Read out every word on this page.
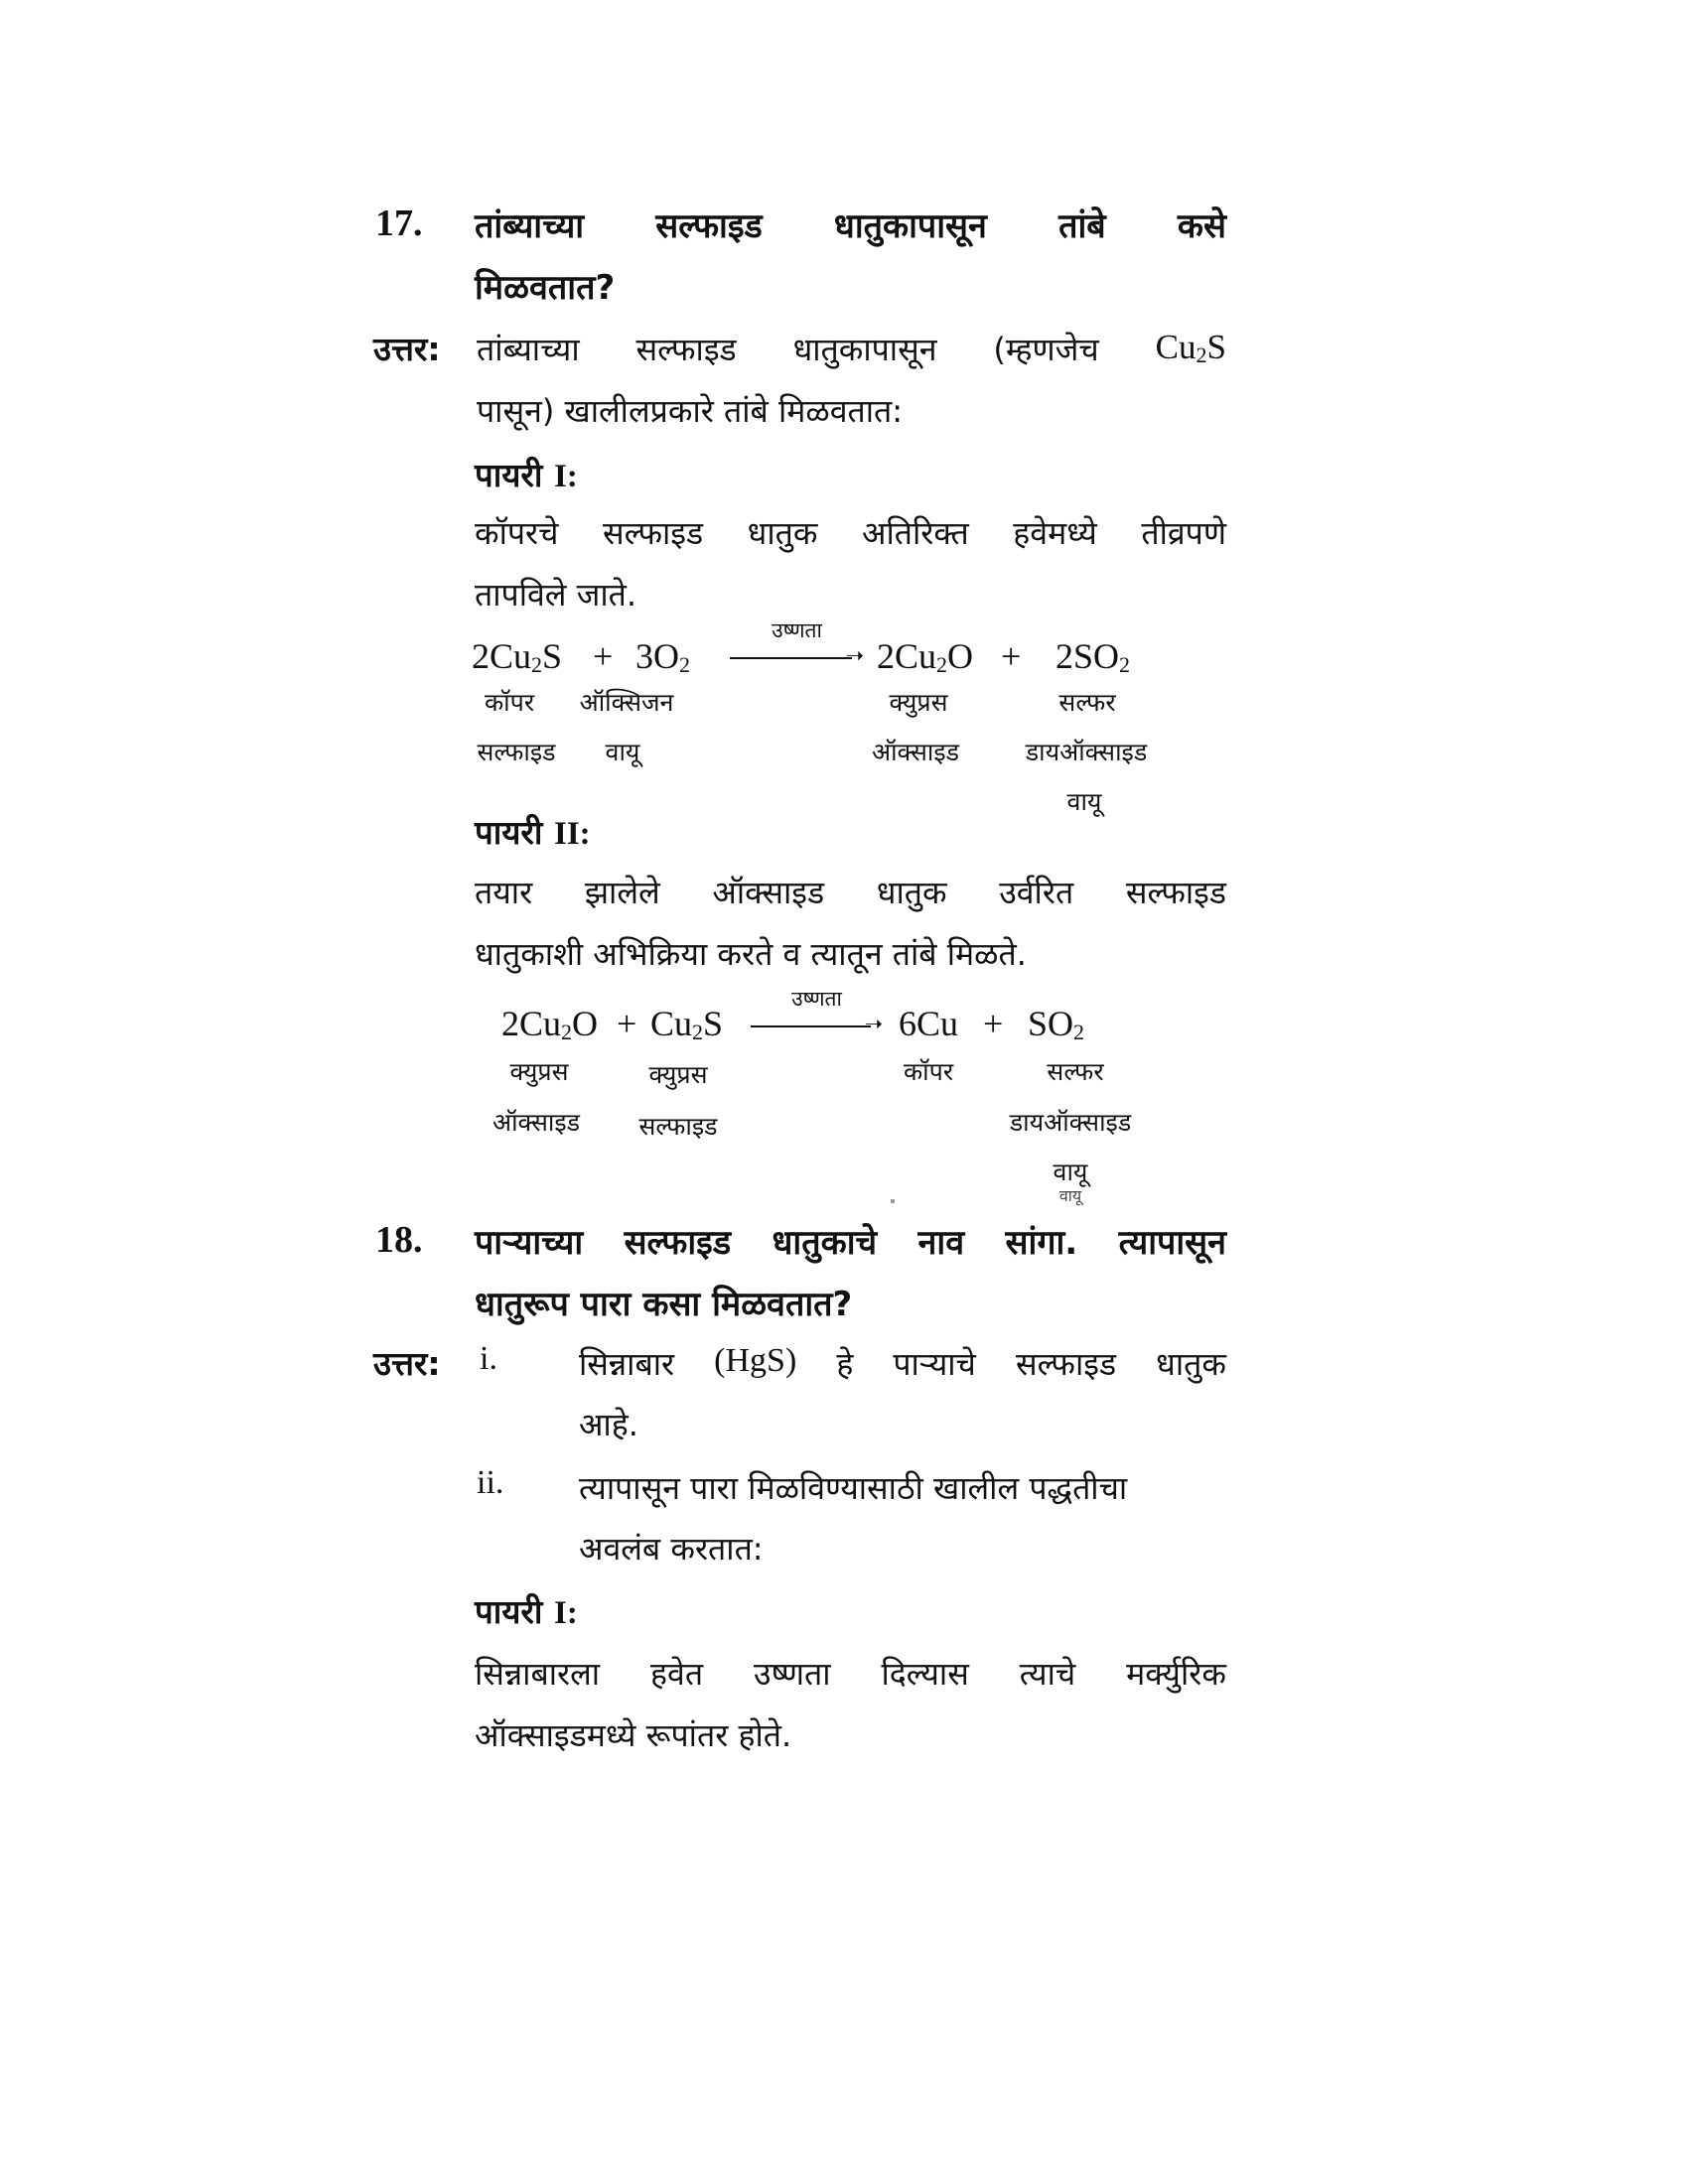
17. तांब्याच्या सल्फाइड धातुकापासून तांबे कसे
मिळवतात?
उत्तर: तांब्याच्या सल्फाइड धातुकापासून (म्हणजेच $Cu_2S$
पासून) खालीलप्रकारे तांबे मिळवतात:
पायरी I:
कॉपरचे सल्फाइड धातुक अतिरिक्त हवेमध्ये तीव्रपणे
तापविले जाते.
$2Cu_2S + 3O_2$	➝
उष्णता
$2Cu_2O + 2SO_2$
कॉपर ऑक्सिजन	क्युप्रस	सल्फर
सल्फाइड वायू	ऑक्साइड	डायऑक्साइड
वायू
पायरी II:
तयार झालेले ऑक्साइड धातुक उर्वरित सल्फाइड
धातुकाशी अभिक्रिया करते व त्यातून तांबे मिळते.
$2Cu_2O + Cu_2S$	➝
उष्णता
$6Cu + SO_2$
क्युप्रस	क्युप्रस	कॉपर	सल्फर
ऑक्साइड सल्फाइड	डायऑक्साइड
वायू
वायू
18. पाऱ्याच्या सल्फाइड धातुकाचे नाव सांगा. त्यापासून
धातुरूप पारा कसा मिळवतात?
उत्तर: i.	सिन्नाबार (HgS) हे पाऱ्याचे सल्फाइड धातुक
आहे.
ii. त्यापासून पारा मिळविण्यासाठी खालील पद्धतीचा
अवलंब करतात:
पायरी I:
सिन्नाबारला हवेत उष्णता दिल्यास त्याचे मर्क्युरिक
ऑक्साइडमध्ये रूपांतर होते.
